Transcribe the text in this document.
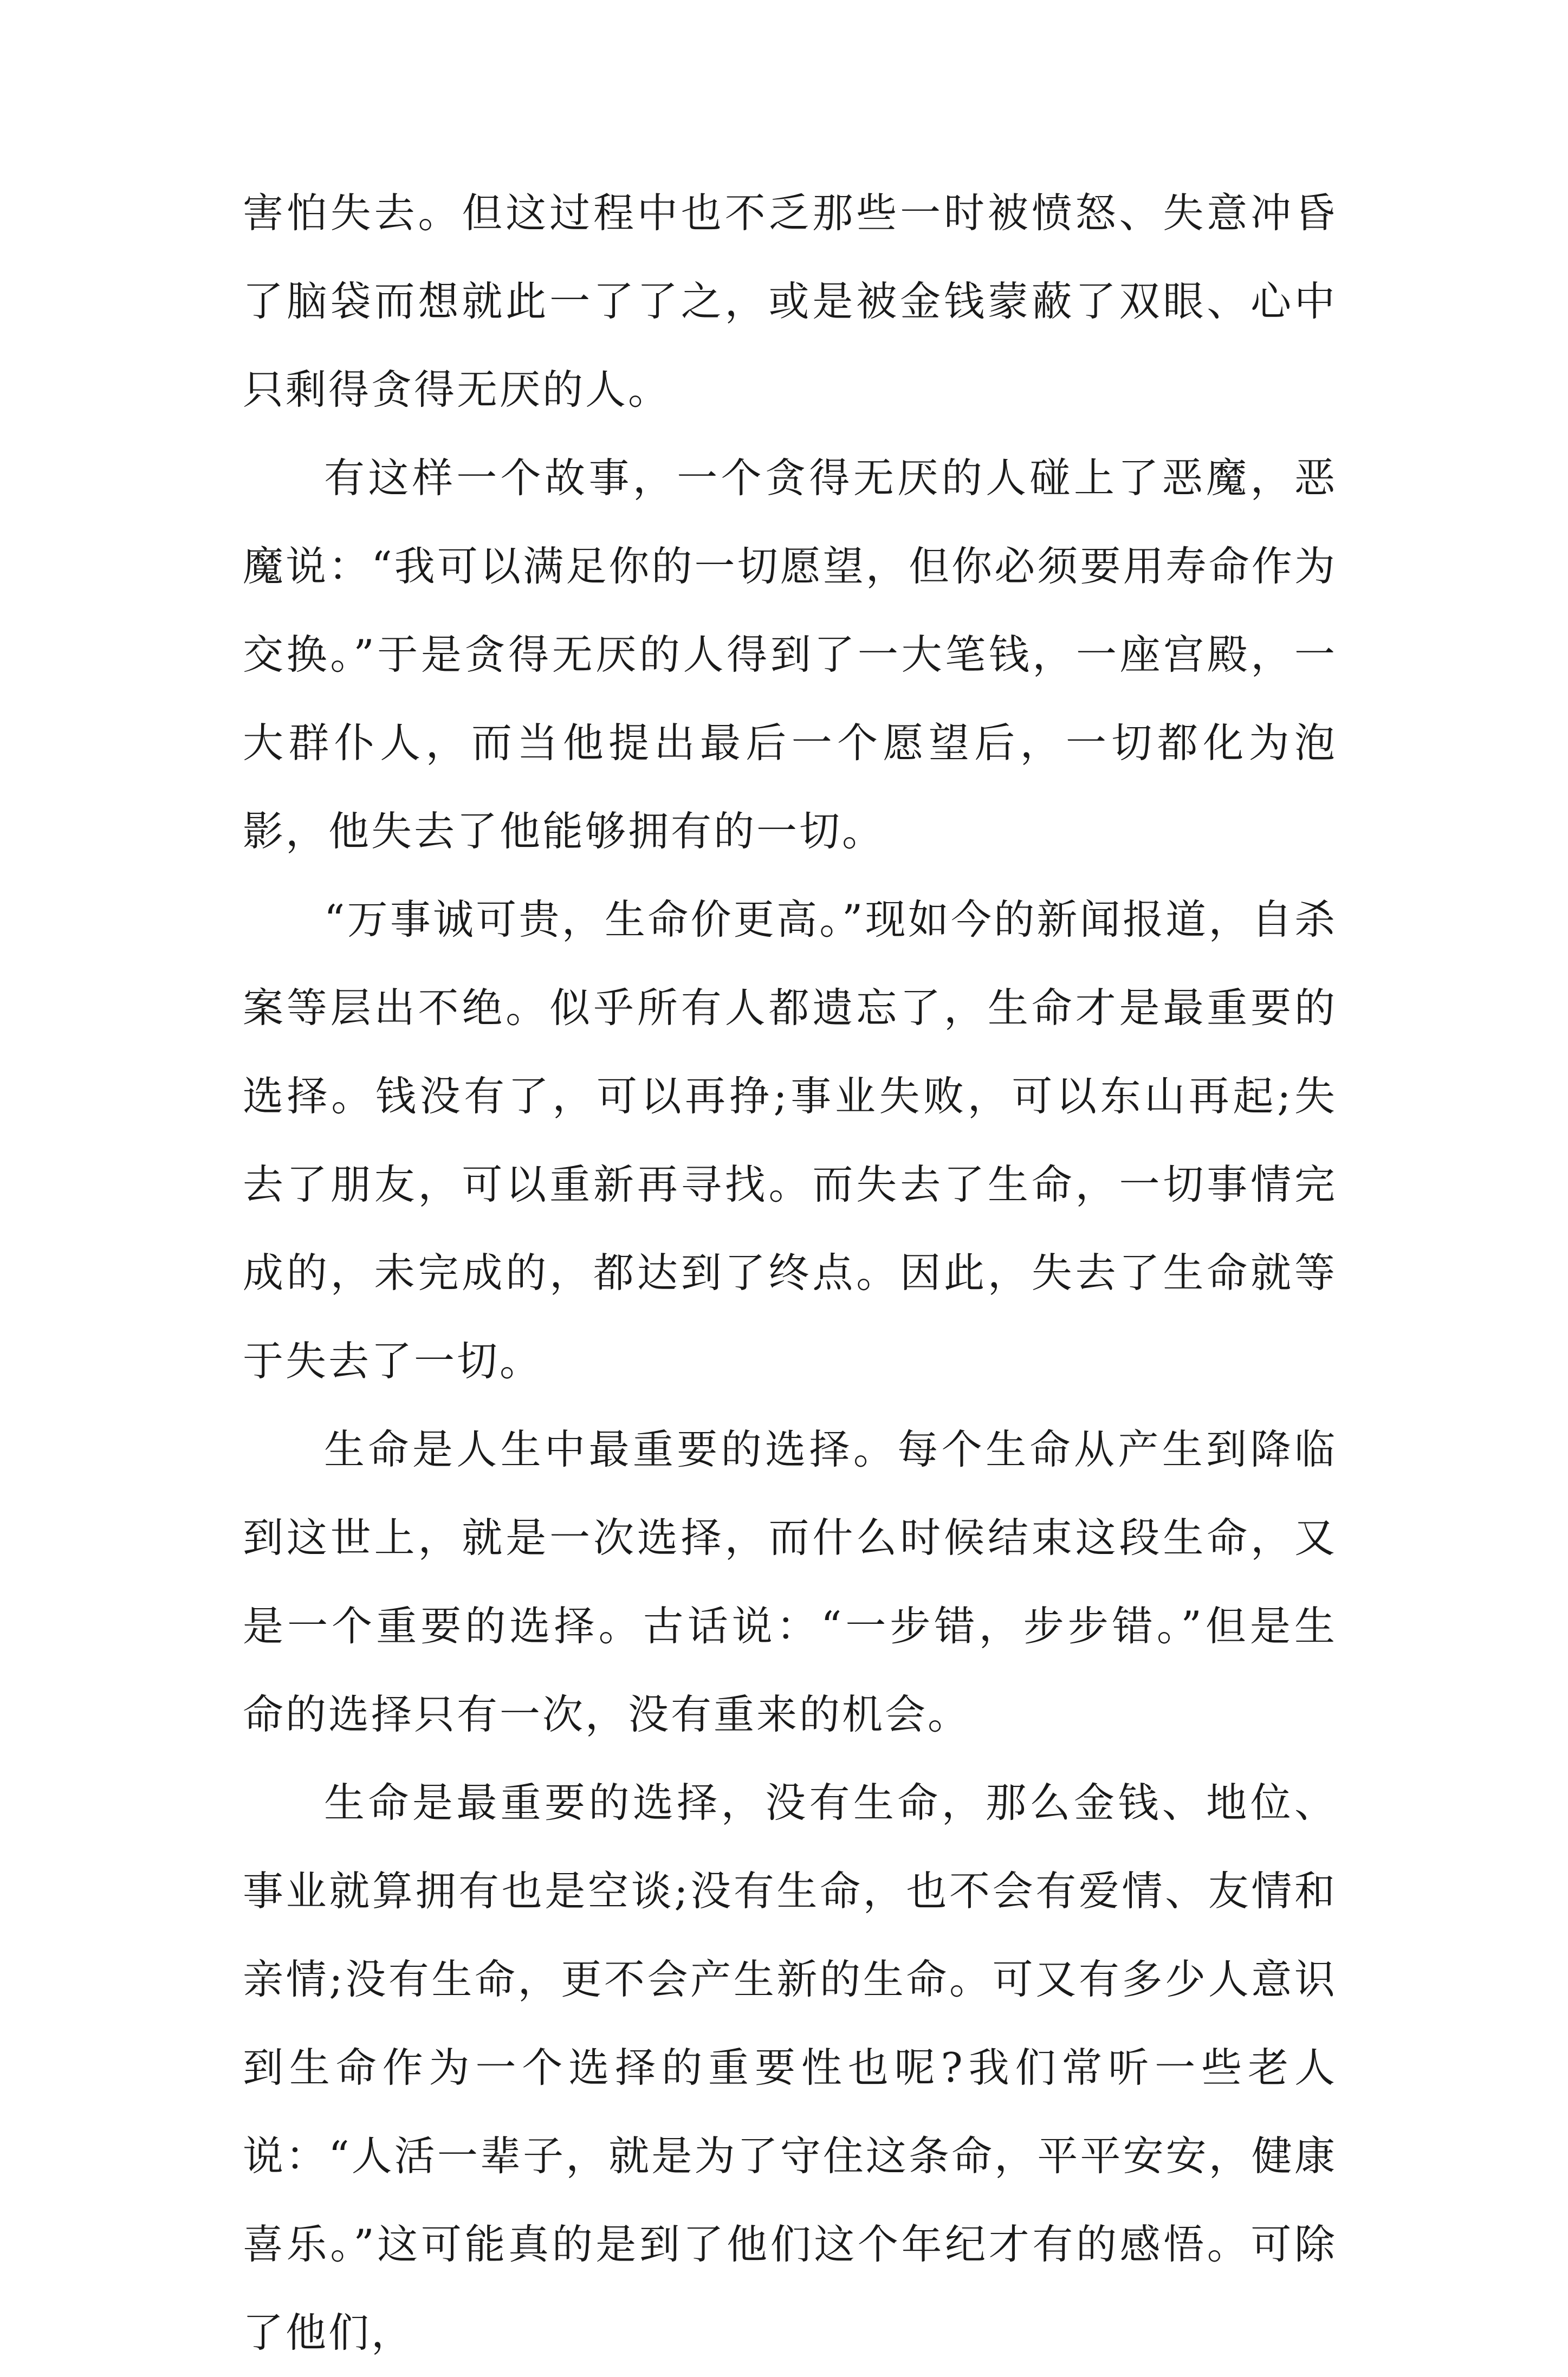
害怕失去。但这过程中也不乏那些一时被愤怒、失意冲昏了脑袋而想就此一了了之，或是被金钱蒙蔽了双眼、心中只剩得贪得无厌的人。

有这样一个故事，一个贪得无厌的人碰上了恶魔，恶魔说：“我可以满足你的一切愿望，但你必须要用寿命作为交换。”于是贪得无厌的人得到了一大笔钱，一座宫殿，一大群仆人，而当他提出最后一个愿望后，一切都化为泡影，他失去了他能够拥有的一切。

“万事诚可贵，生命价更高。”现如今的新闻报道，自杀案等层出不绝。似乎所有人都遗忘了，生命才是最重要的选择。钱没有了，可以再挣;事业失败，可以东山再起;失去了朋友，可以重新再寻找。而失去了生命，一切事情完成的，未完成的，都达到了终点。因此，失去了生命就等于失去了一切。

生命是人生中最重要的选择。每个生命从产生到降临到这世上，就是一次选择，而什么时候结束这段生命，又是一个重要的选择。古话说：“一步错，步步错。”但是生命的选择只有一次，没有重来的机会。

生命是最重要的选择，没有生命，那么金钱、地位、事业就算拥有也是空谈;没有生命，也不会有爱情、友情和亲情;没有生命，更不会产生新的生命。可又有多少人意识到生命作为一个选择的重要性也呢?我们常听一些老人说：“人活一辈子，就是为了守住这条命，平平安安，健康喜乐。”这可能真的是到了他们这个年纪才有的感悟。可除了他们，
